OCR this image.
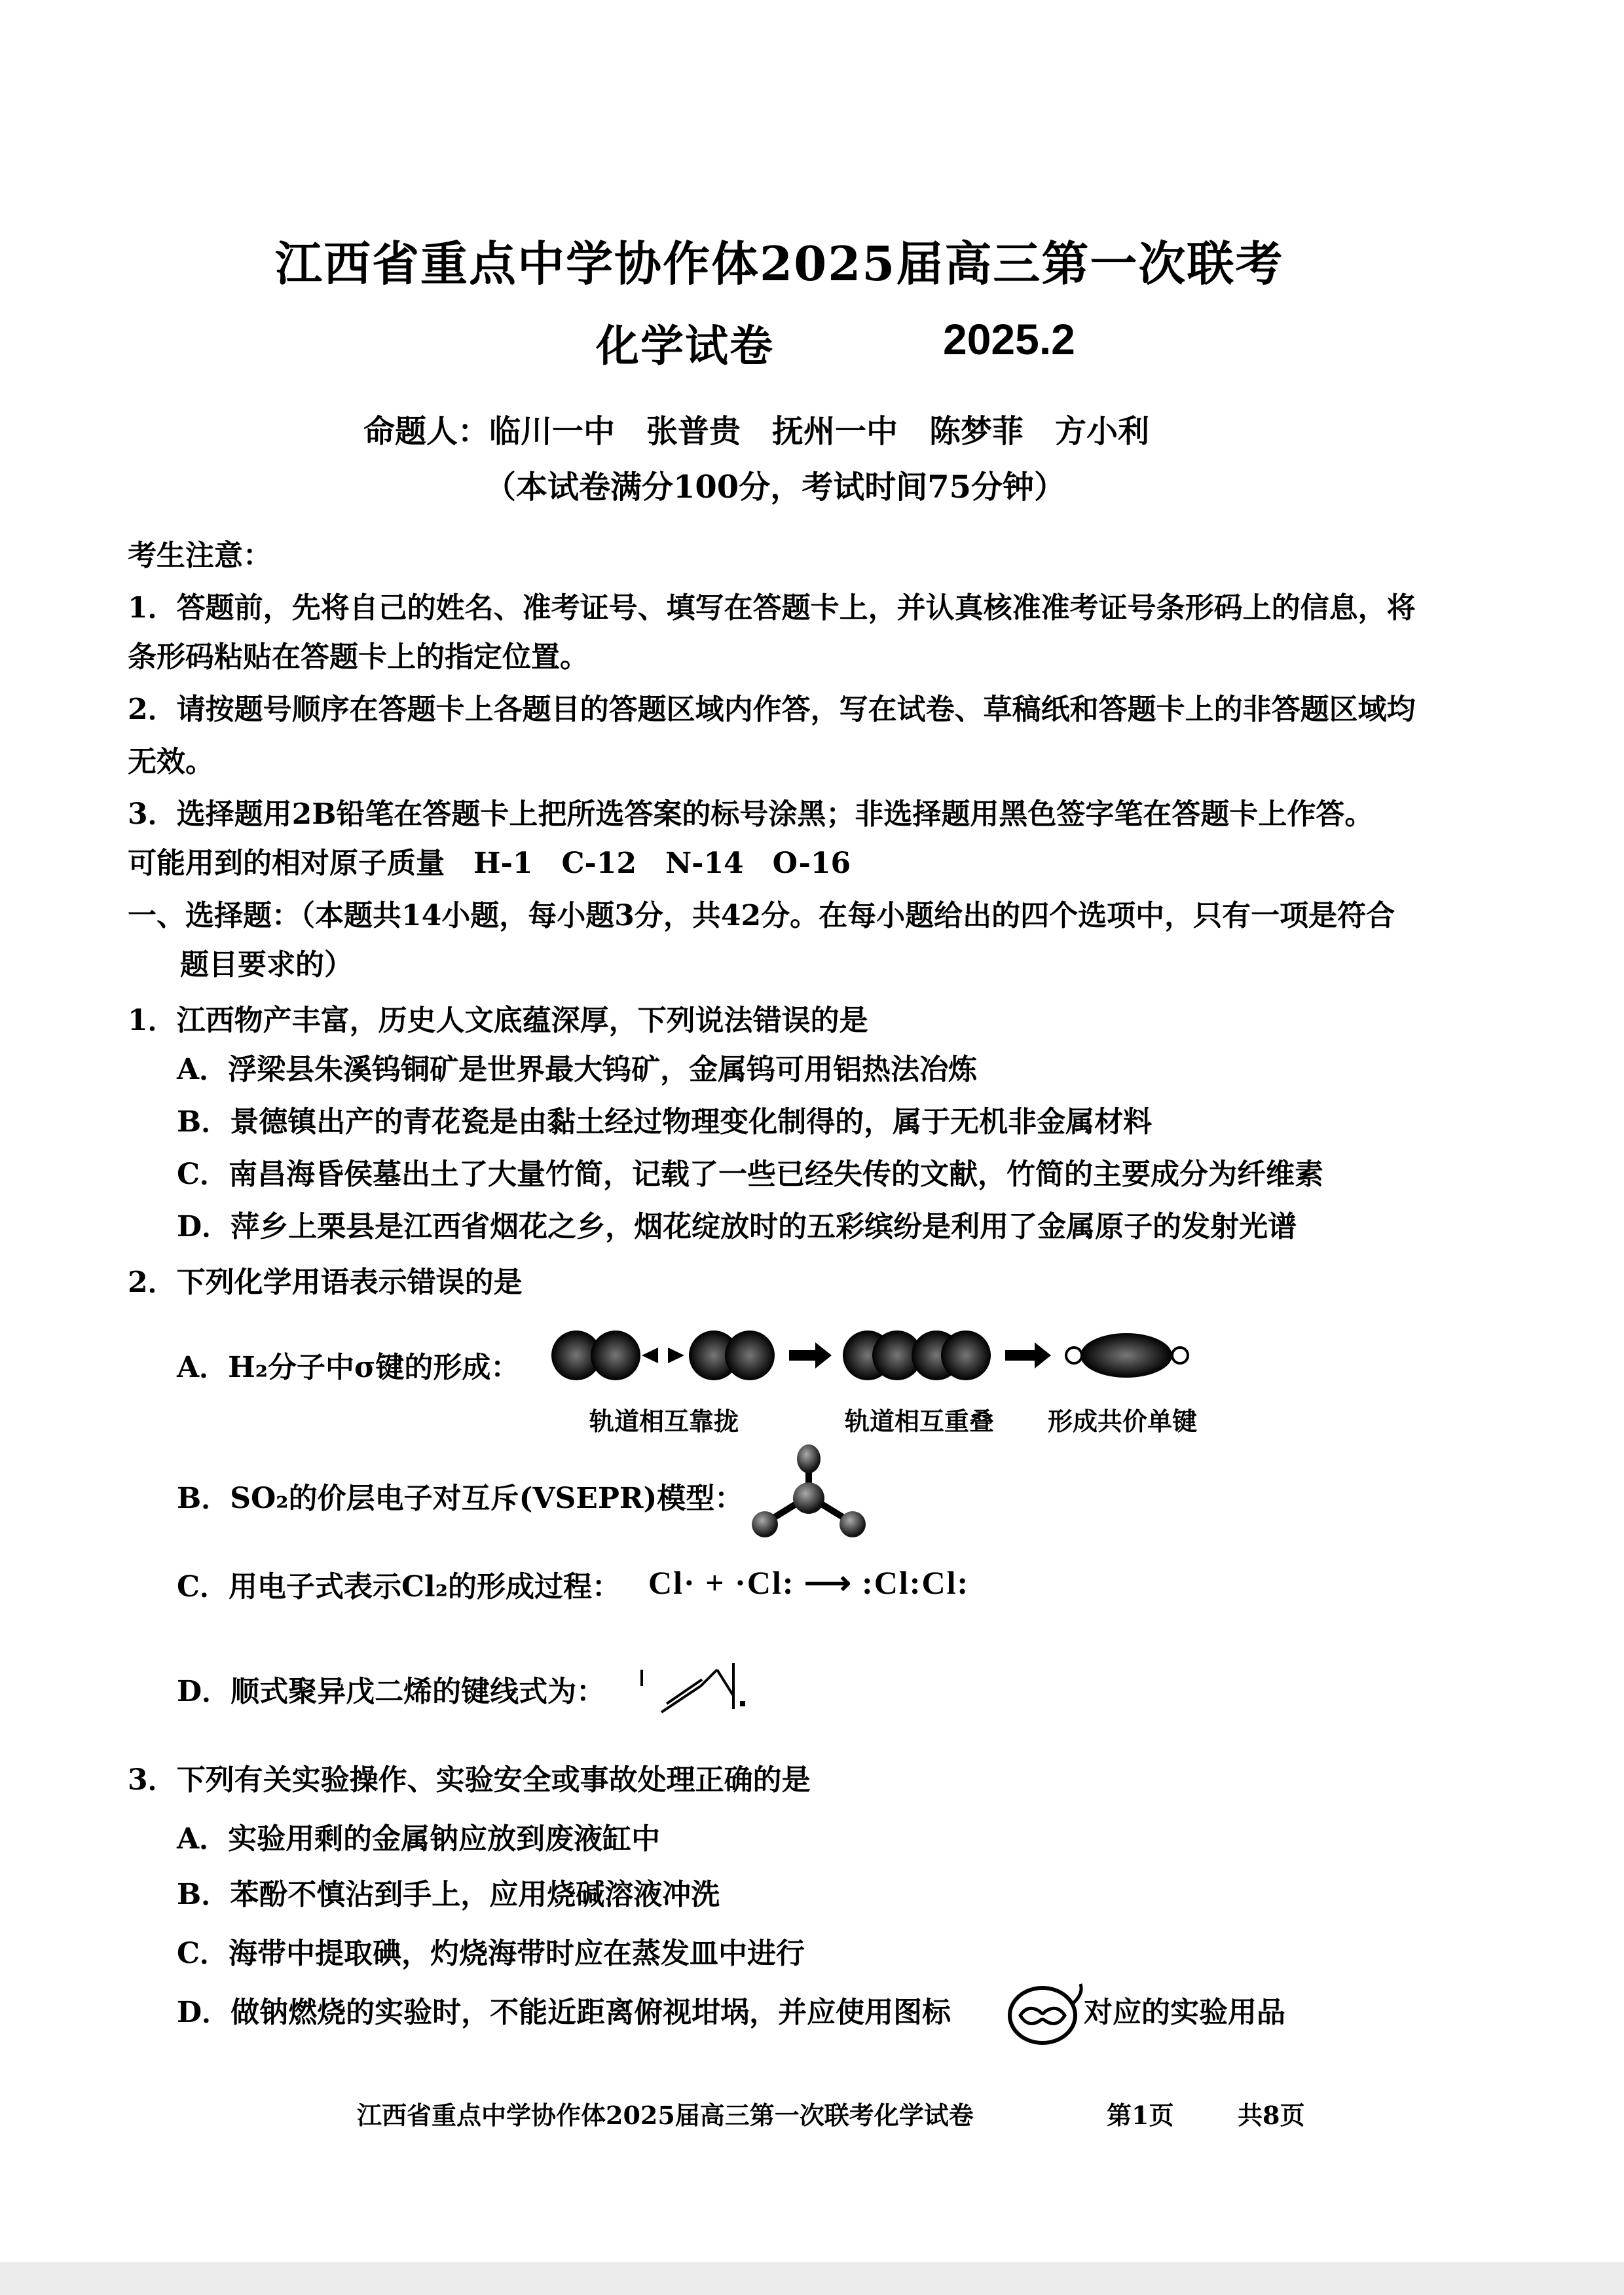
江西省重点中学协作体2025届高三第一次联考
化学试卷	2025.2
命题人：临川一中　张普贵　抚州一中　陈梦菲　方小利
（本试卷满分100分，考试时间75分钟）
考生注意：
1．答题前，先将自己的姓名、准考证号、填写在答题卡上，并认真核准准考证号条形码上的信息，将
条形码粘贴在答题卡上的指定位置。
2．请按题号顺序在答题卡上各题目的答题区域内作答，写在试卷、草稿纸和答题卡上的非答题区域均
无效。
3．选择题用2B铅笔在答题卡上把所选答案的标号涂黑；非选择题用黑色签字笔在答题卡上作答。
可能用到的相对原子质量　H-1　C-12　N-14　O-16
一、选择题：（本题共14小题，每小题3分，共42分。在每小题给出的四个选项中，只有一项是符合
题目要求的）
1．江西物产丰富，历史人文底蕴深厚，下列说法错误的是
A．浮梁县朱溪钨铜矿是世界最大钨矿，金属钨可用铝热法冶炼
B．景德镇出产的青花瓷是由黏土经过物理变化制得的，属于无机非金属材料
C．南昌海昏侯墓出土了大量竹简，记载了一些已经失传的文献，竹简的主要成分为纤维素
D．萍乡上栗县是江西省烟花之乡，烟花绽放时的五彩缤纷是利用了金属原子的发射光谱
2．下列化学用语表示错误的是
A．H₂分子中σ键的形成：
轨道相互靠拢	轨道相互重叠 形成共价单键
B．SO₂的价层电子对互斥(VSEPR)模型：
C．用电子式表示Cl₂的形成过程： Cl· + ·Cl: ⟶ :Cl:Cl:
D．顺式聚异戊二烯的键线式为：
3．下列有关实验操作、实验安全或事故处理正确的是
A．实验用剩的金属钠应放到废液缸中
B．苯酚不慎沾到手上，应用烧碱溶液冲洗
C．海带中提取碘，灼烧海带时应在蒸发皿中进行
D．做钠燃烧的实验时，不能近距离俯视坩埚，并应使用图标	对应的实验用品
江西省重点中学协作体2025届高三第一次联考化学试卷	第1页	共8页
